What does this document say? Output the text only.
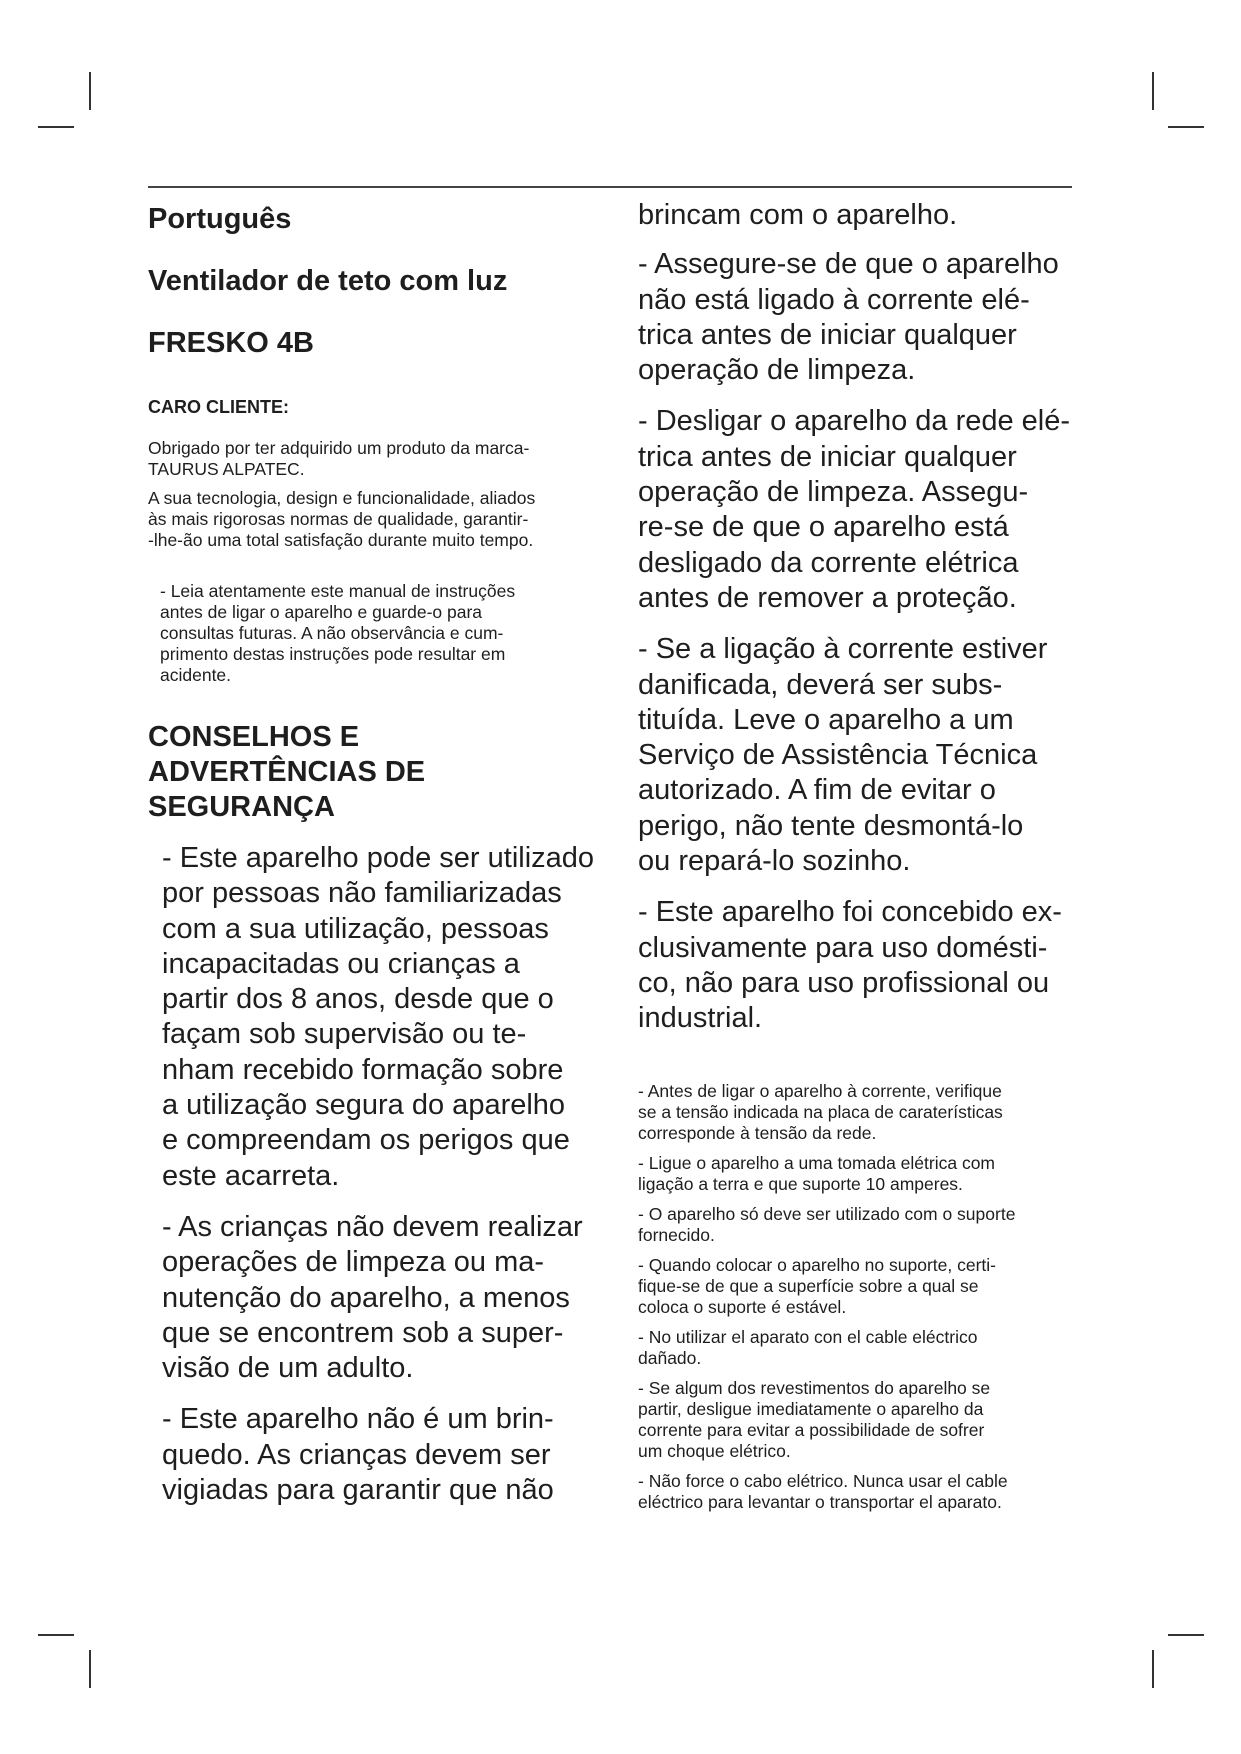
Português
Ventilador de teto com luz
FRESKO 4B
CARO CLIENTE:

Obrigado por ter adquirido um produto da marca-
TAURUS ALPATEC.

A sua tecnologia, design e funcionalidade, aliados
às mais rigorosas normas de qualidade, garantir-
-lhe-ão uma total satisfação durante muito tempo.

- Leia atentamente este manual de instruções
antes de ligar o aparelho e guarde-o para
consultas futuras. A não observância e cum-
primento destas instruções pode resultar em
acidente.

CONSELHOS E
ADVERTÊNCIAS DE
SEGURANÇA

- Este aparelho pode ser utilizado
por pessoas não familiarizadas
com a sua utilização, pessoas
incapacitadas ou crianças a
partir dos 8 anos, desde que o
façam sob supervisão ou te-
nham recebido formação sobre
a utilização segura do aparelho
e compreendam os perigos que
este acarreta.

- As crianças não devem realizar
operações de limpeza ou ma-
nutenção do aparelho, a menos
que se encontrem sob a super-
visão de um adulto.

- Este aparelho não é um brin-
quedo. As crianças devem ser
vigiadas para garantir que não

brincam com o aparelho.

- Assegure-se de que o aparelho
não está ligado à corrente elé-
trica antes de iniciar qualquer
operação de limpeza.

- Desligar o aparelho da rede elé-
trica antes de iniciar qualquer
operação de limpeza. Assegu-
re-se de que o aparelho está
desligado da corrente elétrica
antes de remover a proteção.

- Se a ligação à corrente estiver
danificada, deverá ser subs-
tituída. Leve o aparelho a um
Serviço de Assistência Técnica
autorizado. A fim de evitar o
perigo, não tente desmontá-lo
ou repará-lo sozinho.

- Este aparelho foi concebido ex-
clusivamente para uso domésti-
co, não para uso profissional ou
industrial.

- Antes de ligar o aparelho à corrente, verifique
se a tensão indicada na placa de caraterísticas
corresponde à tensão da rede.

- Ligue o aparelho a uma tomada elétrica com
ligação a terra e que suporte 10 amperes.

- O aparelho só deve ser utilizado com o suporte
fornecido.

- Quando colocar o aparelho no suporte, certi-
fique-se de que a superfície sobre a qual se
coloca o suporte é estável.

- No utilizar el aparato con el cable eléctrico
dañado.

- Se algum dos revestimentos do aparelho se
partir, desligue imediatamente o aparelho da
corrente para evitar a possibilidade de sofrer
um choque elétrico.

- Não force o cabo elétrico. Nunca usar el cable
eléctrico para levantar o transportar el aparato.
